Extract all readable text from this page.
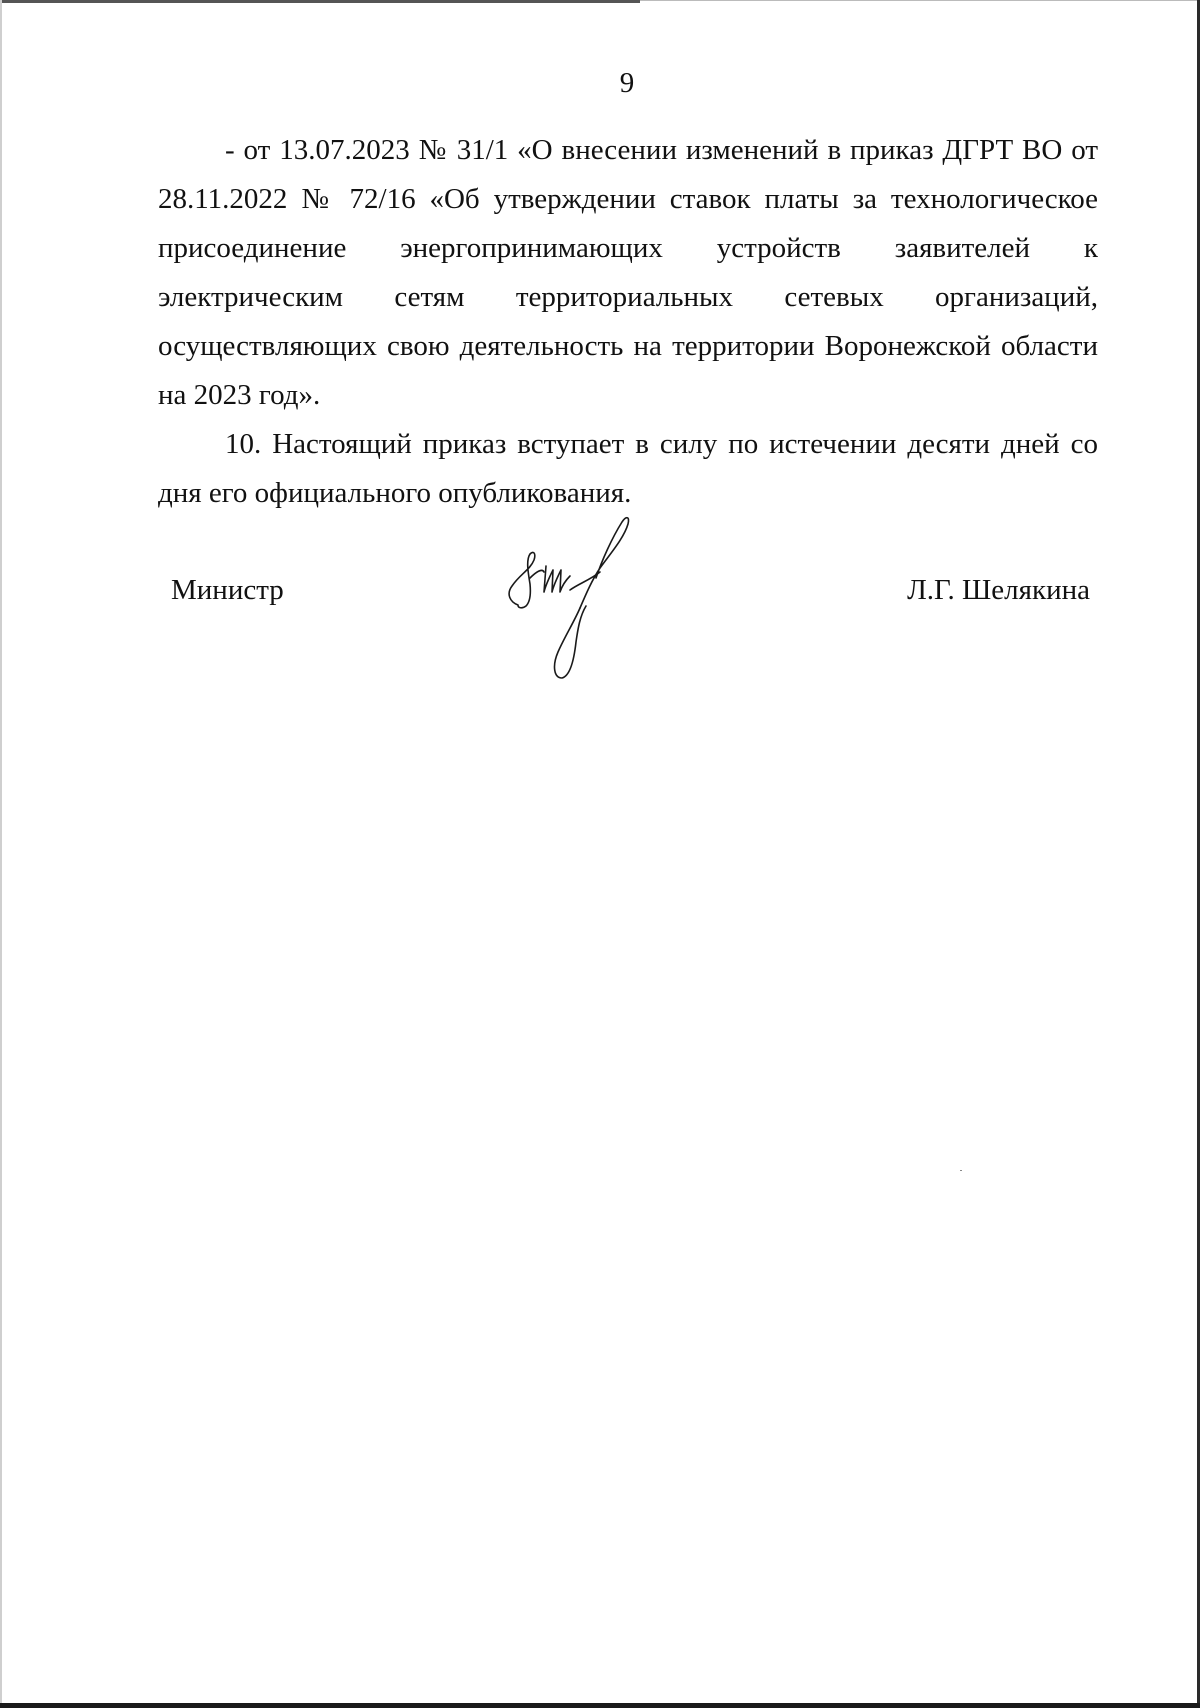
9

- от 13.07.2023 № 31/1 «О внесении изменений в приказ ДГРТ ВО от 28.11.2022 № 72/16 «Об утверждении ставок платы за технологическое присоединение энергопринимающих устройств заявителей к электрическим сетям территориальных сетевых организаций, осуществляющих свою деятельность на территории Воронежской области на 2023 год».

10. Настоящий приказ вступает в силу по истечении десяти дней со дня его официального опубликования.

Министр	Л.Г. Шелякина
